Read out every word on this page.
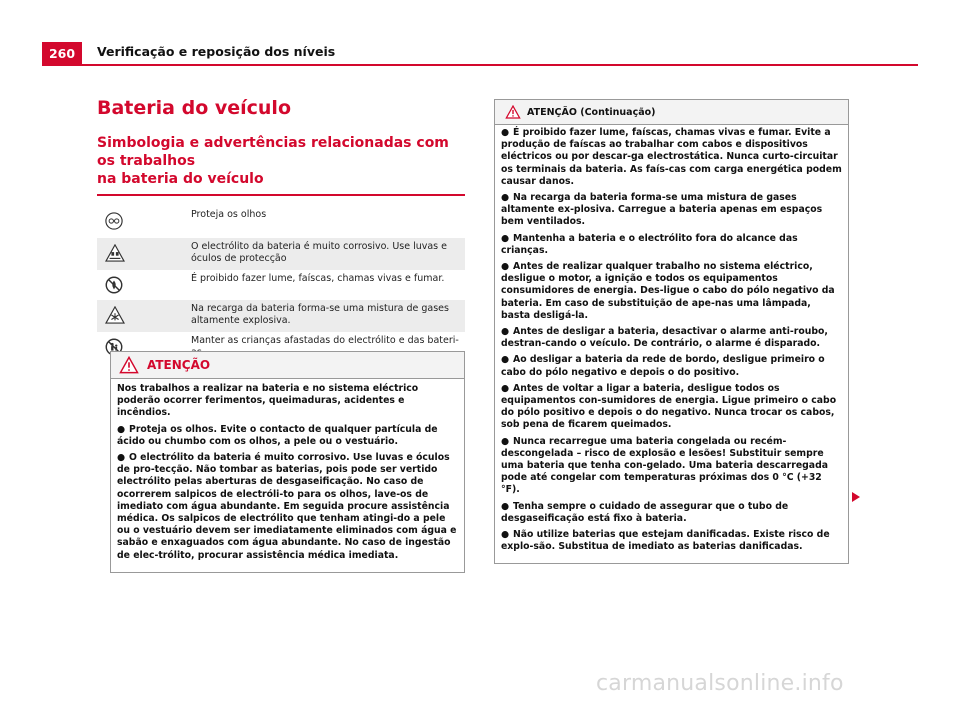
260	Verificação e reposição dos níveis
Bateria do veículo
Simbologia e advertências relacionadas com os trabalhos
na bateria do veículo
Proteja os olhos
O electrólito da bateria é muito corrosivo. Use luvas e óculos de protecção
É proibido fazer lume, faíscas, chamas vivas e fumar.
Na recarga da bateria forma-se uma mistura de gases altamente explosiva.
Manter as crianças afastadas do electrólito e das bateri-
ATENÇÃO

Nos trabalhos a realizar na bateria e no sistema eléctrico poderão ocorrer ferimentos, queimaduras, acidentes e incêndios.

● Proteja os olhos. Evite o contacto de qualquer partícula de ácido ou chumbo com os olhos, a pele ou o vestuário.
● O electrólito da bateria é muito corrosivo. Use luvas e óculos de pro-tecção. Não tombar as baterias, pois pode ser vertido electrólito pelas aberturas de desgaseificação. No caso de ocorrerem salpicos de electróli-to para os olhos, lave-os de imediato com água abundante. Em seguida procure assistência médica. Os salpicos de electrólito que tenham atingi-do a pele ou o vestuário devem ser imediatamente eliminados com água e sabão e enxaguados com água abundante. No caso de ingestão de elec-trólito, procurar assistência médica imediata.
ATENÇÃO (Continuação)
● É proibido fazer lume, faíscas, chamas vivas e fumar. Evite a produção de faíscas ao trabalhar com cabos e dispositivos eléctricos ou por descar-ga electrostática. Nunca curto-circuitar os terminais da bateria. As faís-cas com carga energética podem causar danos.
● Na recarga da bateria forma-se uma mistura de gases altamente ex-plosiva. Carregue a bateria apenas em espaços bem ventilados.
● Mantenha a bateria e o electrólito fora do alcance das crianças.
● Antes de realizar qualquer trabalho no sistema eléctrico, desligue o motor, a ignição e todos os equipamentos consumidores de energia. Des-ligue o cabo do pólo negativo da bateria. Em caso de substituição de ape-nas uma lâmpada, basta desligá-la.
● Antes de desligar a bateria, desactivar o alarme anti-roubo, destran-cando o veículo. De contrário, o alarme é disparado.
● Ao desligar a bateria da rede de bordo, desligue primeiro o cabo do pólo negativo e depois o do positivo.
● Antes de voltar a ligar a bateria, desligue todos os equipamentos con-sumidores de energia. Ligue primeiro o cabo do pólo positivo e depois o do negativo. Nunca trocar os cabos, sob pena de ficarem queimados.
● Nunca recarregue uma bateria congelada ou recém-descongelada – risco de explosão e lesões! Substituir sempre uma bateria que tenha con-gelado. Uma bateria descarregada pode até congelar com temperaturas próximas dos 0 °C (+32 °F).
● Tenha sempre o cuidado de assegurar que o tubo de desgaseificação está fixo à bateria.
● Não utilize baterias que estejam danificadas. Existe risco de explo-são. Substitua de imediato as baterias danificadas.
carmanualsonline.info
